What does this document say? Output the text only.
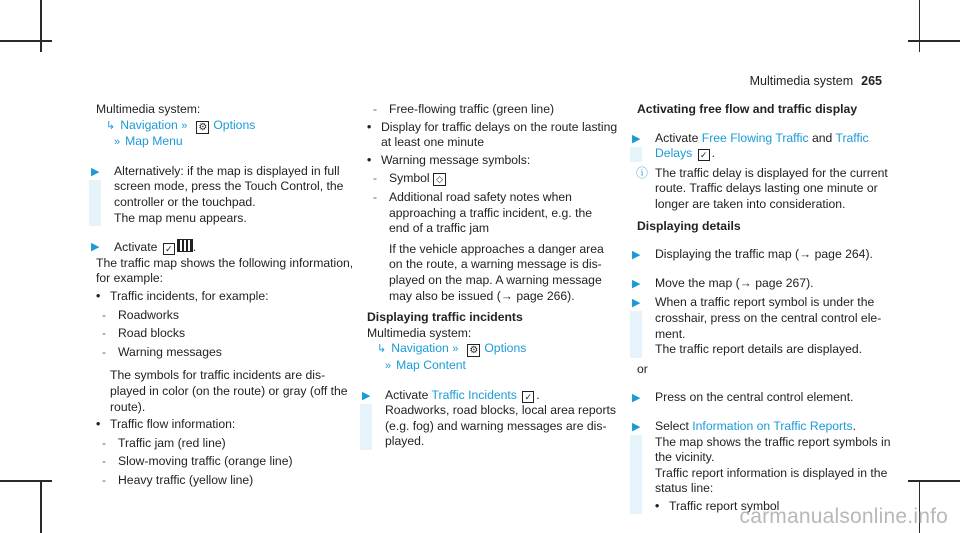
Multimedia system 265

Multimedia system:

↳ Navigation » ⚙ Options

» Map Menu

▶ Alternatively: if the map is displayed in full
screen mode, press the Touch Control, the
controller or the touchpad.
The map menu appears.
▶ Activate ✓ .

The traffic map shows the following information,

for example:

• Traffic incidents, for example:
- Roadworks
- Road blocks
- Warning messages
The symbols for traffic incidents are dis-
played in color (on the route) or gray (off the
route).
• Traffic flow information:
- Traffic jam (red line)
- Slow-moving traffic (orange line)
- Heavy traffic (yellow line)
- Free-flowing traffic (green line)
• Display for traffic delays on the route lasting
at least one minute
• Warning message symbols:
- Symbol ◇
- Additional road safety notes when
approaching a traffic incident, e.g. the
end of a traffic jam
If the vehicle approaches a danger area
on the route, a warning message is dis-
played on the map. A warning message
may also be issued (→ page 266).
Displaying traffic incidents

Multimedia system:

↳ Navigation » ⚙ Options

» Map Content

▶ Activate Traffic Incidents ✓ .
Roadworks, road blocks, local area reports
(e.g. fog) and warning messages are dis-
played.
Activating free flow and traffic display
▶ Activate Free Flowing Traffic and Traffic
Delays ✓ .
ⓘ The traffic delay is displayed for the current
route. Traffic delays lasting one minute or
longer are taken into consideration.
Displaying details
▶ Displaying the traffic map (→ page 264).
▶ Move the map (→ page 267).
▶ When a traffic report symbol is under the
crosshair, press on the central control ele-
ment.
The traffic report details are displayed.

or

▶ Press on the central control element.
▶ Select Information on Traffic Reports.
The map shows the traffic report symbols in
the vicinity.
Traffic report information is displayed in the
status line:
• Traffic report symbol
carmanualsonline.info
